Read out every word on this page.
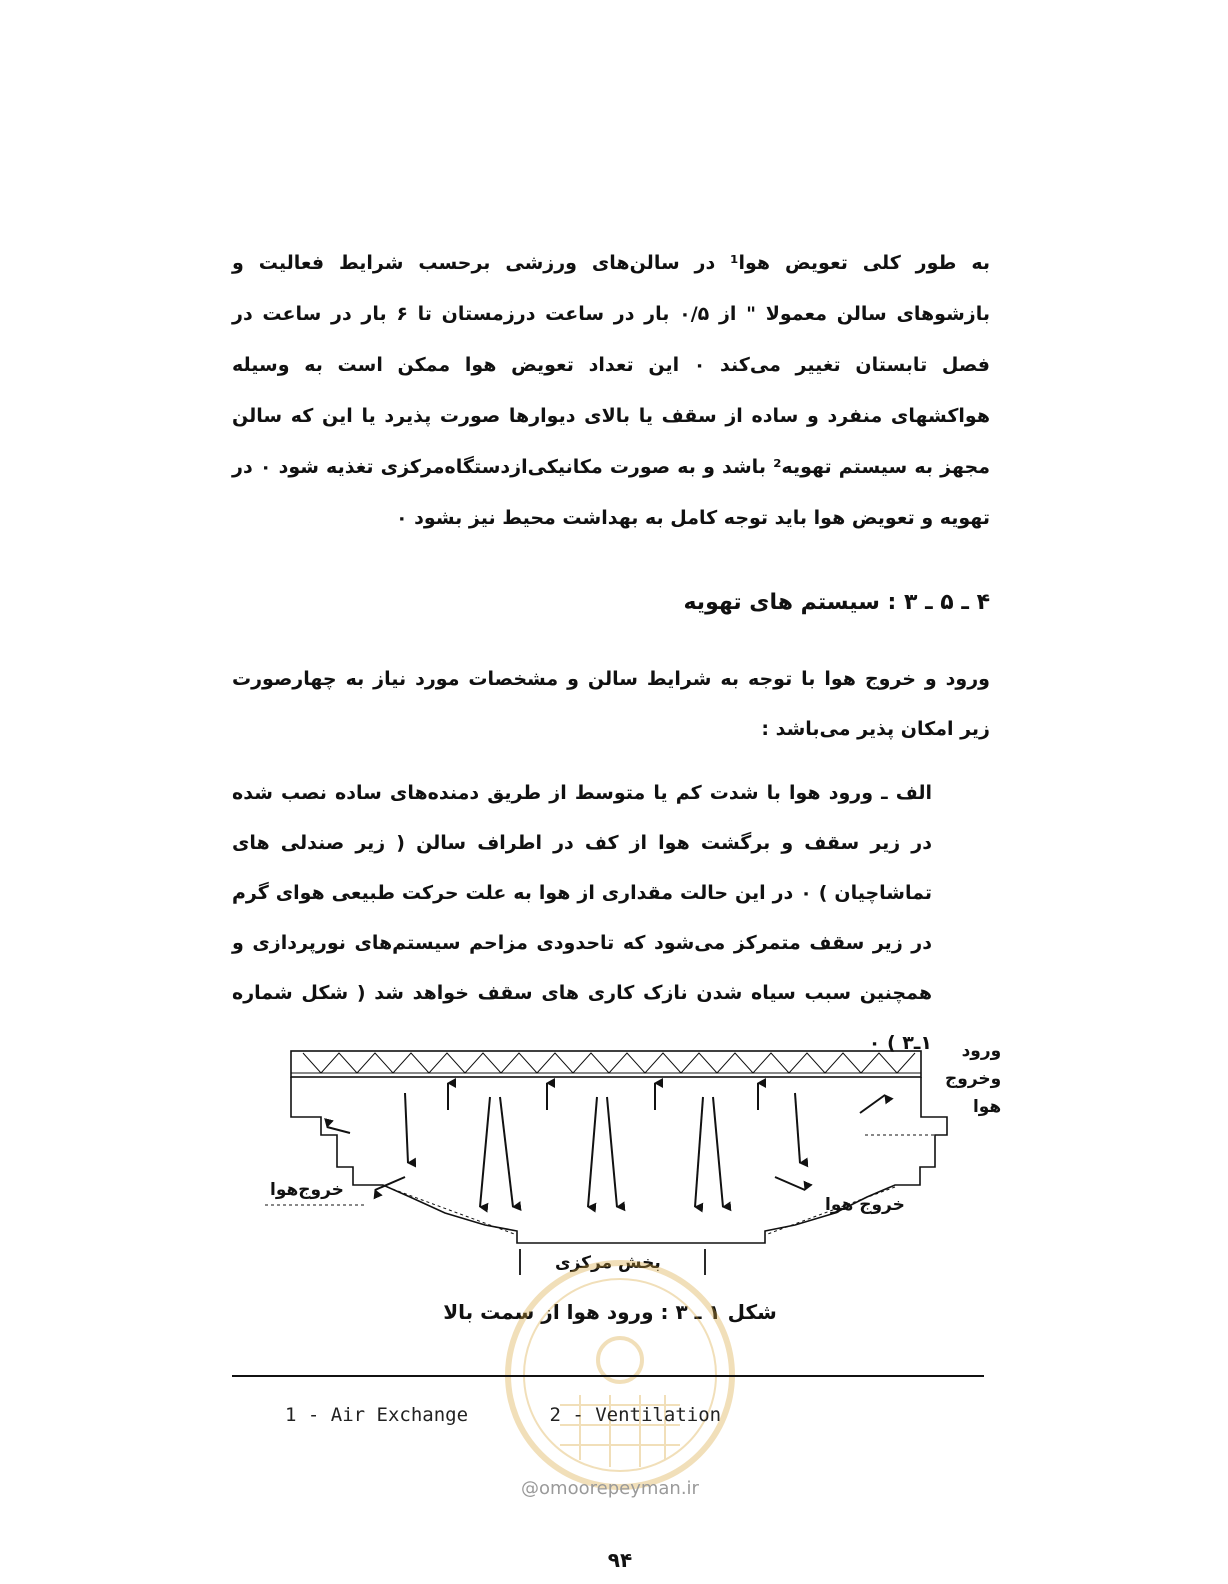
به طور کلی تعویض هوا¹ در سالن‌های ورزشی برحسب شرایط فعالیت و بازشوهای سالن معمولا " از ۰/۵ بار در ساعت درزمستان تا ۶ بار در ساعت در فصل تابستان تغییر می‌کند ۰ این تعداد تعویض هوا ممکن است به وسیله هواکشهای منفرد و ساده از سقف یا بالای دیوارها صورت پذیرد یا این که سالن مجهز به سیستم تهویه² باشد و به صورت مکانیکی‌ازدستگاه‌مرکزی تغذیه شود ۰ در تهویه و تعویض هوا باید توجه کامل به بهداشت محیط نیز بشود ۰

۴ ـ ۵ ـ ۳ : سیستم های تهویه

ورود و خروج هوا با توجه به شرایط سالن و مشخصات مورد نیاز به چهارصورت زیر امکان پذیر می‌باشد :

الف ـ ورود هوا با شدت کم یا متوسط از طریق دمنده‌های ساده نصب شده در زیر سقف و برگشت هوا از کف در اطراف سالن ( زیر صندلی های تماشاچیان ) ۰ در این حالت مقداری از هوا به علت حرکت طبیعی هوای گرم در زیر سقف متمرکز می‌شود که تاحدودی مزاحم سیستم‌های نورپردازی و همچنین سبب سیاه شدن نازک کاری های سقف خواهد شد ( شکل شماره ۱ـ۳ ) ۰	ورود
وخروج
هوا
خروج‌هوا
خروج هوا
بخش مرکزی
شکل ۱ ـ ۳ : ورود هوا از سمت بالا
1 - Air Exchange	2 - Ventilation
@omoorepeyman.ir
۹۴
